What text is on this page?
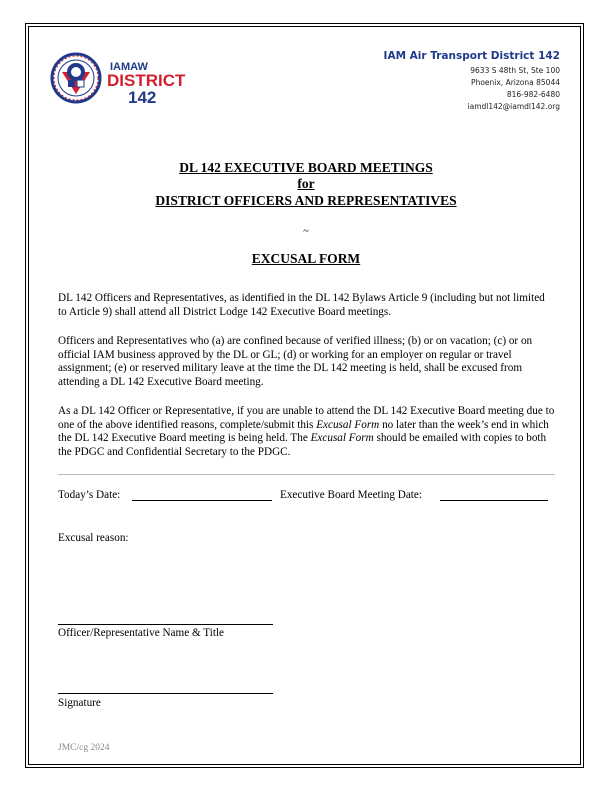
IAMAW
DISTRICT
142
IAM Air Transport District 142
9633 S 48th St, Ste 100
Phoenix, Arizona 85044
816-982-6480
iamdl142@iamdl142.org
DL 142 EXECUTIVE BOARD MEETINGS
for
DISTRICT OFFICERS AND REPRESENTATIVES
~
EXCUSAL FORM
DL 142 Officers and Representatives, as identified in the DL 142 Bylaws Article 9 (including but not limited to Article 9) shall attend all District Lodge 142 Executive Board meetings.
Officers and Representatives who (a) are confined because of verified illness; (b) or on vacation; (c) or on official IAM business approved by the DL or GL; (d) or working for an employer on regular or travel assignment; (e) or reserved military leave at the time the DL 142 meeting is held, shall be excused from attending a DL 142 Executive Board meeting.
As a DL 142 Officer or Representative, if you are unable to attend the DL 142 Executive Board meeting due to one of the above identified reasons, complete/submit this Excusal Form no later than the week’s end in which the DL 142 Executive Board meeting is being held. The Excusal Form should be emailed with copies to both the PDGC and Confidential Secretary to the PDGC.
Today’s Date:	Executive Board Meeting Date:
Excusal reason:
Officer/Representative Name & Title
Signature
JMC/cg 2024
